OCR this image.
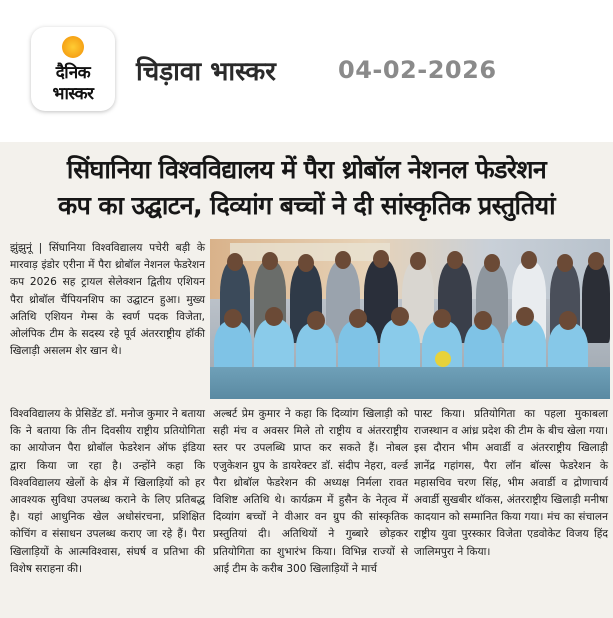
दैनिक
भास्कर
चिड़ावा भास्कर	04-02-2026
सिंघानिया विश्वविद्यालय में पैरा थ्रोबॉल नेशनल फेडरेशन
कप का उद्घाटन, दिव्यांग बच्चों ने दी सांस्कृतिक प्रस्तुतियां

झुंझुनूं | सिंघानिया विश्वविद्यालय पचेरी बड़ी के मारवाड़ इंडोर एरीना में पैरा थ्रोबॉल नेशनल फेडरेशन कप 2026 सह ट्रायल सेलेक्शन द्वितीय एशियन पैरा थ्रोबॉल चैंपियनशिप का उद्घाटन हुआ। मुख्य अतिथि एशियन गेम्स के स्वर्ण पदक विजेता, ओलंपिक टीम के सदस्य रहे पूर्व अंतरराष्ट्रीय हॉकी खिलाड़ी असलम शेर खान थे।

विश्वविद्यालय के प्रेसिडेंट डॉ. मनोज कुमार ने बताया कि ने बताया कि तीन दिवसीय राष्ट्रीय प्रतियोगिता का आयोजन पैरा थ्रोबॉल फेडरेशन ऑफ इंडिया द्वारा किया जा रहा है। उन्होंने कहा कि विश्वविद्यालय खेलों के क्षेत्र में खिलाड़ियों को हर आवश्यक सुविधा उपलब्ध कराने के लिए प्रतिबद्ध है। यहां आधुनिक खेल अधोसंरचना, प्रशिक्षित कोचिंग व संसाधन उपलब्ध कराए जा रहे हैं। पैरा खिलाड़ियों के आत्मविश्वास, संघर्ष व प्रतिभा की विशेष सराहना की।

अल्बर्ट प्रेम कुमार ने कहा कि दिव्यांग खिलाड़ी को सही मंच व अवसर मिले तो राष्ट्रीय व अंतरराष्ट्रीय स्तर पर उपलब्धि प्राप्त कर सकते हैं। नोबल एजुकेशन ग्रुप के डायरेक्टर डॉ. संदीप नेहरा, वर्ल्ड पैरा थ्रोबॉल फेडरेशन की अध्यक्ष निर्मला रावत विशिष्ट अतिथि थे। कार्यक्रम में हुसैन के नेतृत्व में दिव्यांग बच्चों ने वीआर वन ग्रुप की सांस्कृतिक प्रस्तुतियां दी। अतिथियों ने गुब्बारे छोड़कर प्रतियोगिता का शुभारंभ किया। विभिन्न राज्यों से आई टीम के करीब 300 खिलाड़ियों ने मार्च

पास्ट किया। प्रतियोगिता का पहला मुकाबला राजस्थान व आंध्र प्रदेश की टीम के बीच खेला गया। इस दौरान भीम अवार्डी व अंतरराष्ट्रीय खिलाड़ी ज्ञानेंद्र गहांगस, पैरा लॉन बॉल्स फेडरेशन के महासचिव चरण सिंह, भीम अवार्डी व द्रोणाचार्य अवार्डी सुखबीर थॉकस, अंतरराष्ट्रीय खिलाड़ी मनीषा कादयान को सम्मानित किया गया। मंच का संचालन राष्ट्रीय युवा पुरस्कार विजेता एडवोकेट विजय हिंद जालिमपुरा ने किया।
